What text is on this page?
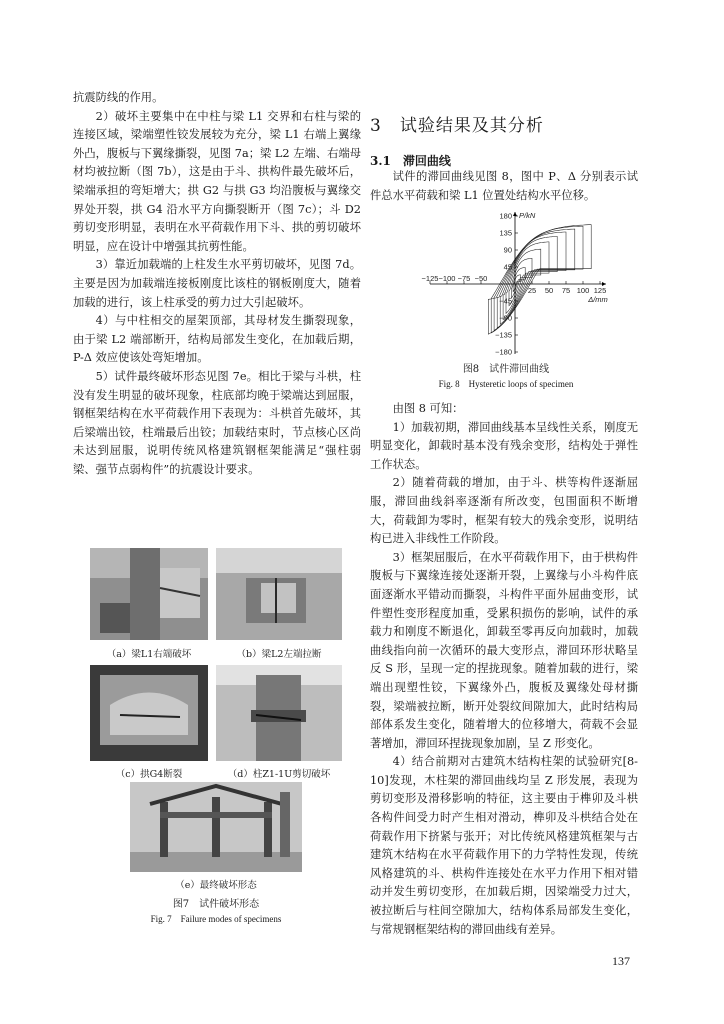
抗震防线的作用。

2）破坏主要集中在中柱与梁 L1 交界和右柱与梁的连接区域，梁端塑性铰发展较为充分，梁 L1 右端上翼缘外凸，腹板与下翼缘撕裂，见图 7a；梁 L2 左端、右端母材均被拉断（图 7b），这是由于斗、拱构件最先破坏后，梁端承担的弯矩增大；拱 G2 与拱 G3 均沿腹板与翼缘交界处开裂，拱 G4 沿水平方向撕裂断开（图 7c）；斗 D2 剪切变形明显，表明在水平荷载作用下斗、拱的剪切破坏明显，应在设计中增强其抗剪性能。

3）靠近加载端的上柱发生水平剪切破坏，见图 7d。主要是因为加载端连接板刚度比该柱的钢板刚度大，随着加载的进行，该上柱承受的剪力过大引起破坏。

4）与中柱相交的屋架顶部，其母材发生撕裂现象，由于梁 L2 端部断开，结构局部发生变化，在加载后期，P-Δ 效应使该处弯矩增加。

5）试件最终破坏形态见图 7e。相比于梁与斗栱，柱没有发生明显的破坏现象，柱底部均晚于梁端达到屈服，钢框架结构在水平荷载作用下表现为：斗栱首先破坏，其后梁端出铰，柱端最后出铰；加载结束时，节点核心区尚未达到屈服，说明传统风格建筑钢框架能满足“强柱弱梁、强节点弱构件”的抗震设计要求。

（a）梁L1右端破坏	（b）梁L2左端拉断
（c）拱G4断裂	（d）柱Z1-1U剪切破坏
（e）最终破坏形态
图7　试件破坏形态
Fig. 7　Failure modes of specimens
3　 试验结果及其分析
3.1　 滞回曲线
试件的滞回曲线见图 8，图中 P、Δ 分别表示试件总水平荷载和梁 L1 位置处结构水平位移。
−125 −100 −75 −50
25 50 75 100 125
180
135
90
45
−45
−90
−135
−180
P/kN
Δ/mm
图8　试件滞回曲线
Fig. 8　Hysteretic loops of specimen

由图 8 可知：

1）加载初期，滞回曲线基本呈线性关系，刚度无明显变化，卸载时基本没有残余变形，结构处于弹性工作状态。

2）随着荷载的增加，由于斗、栱等构件逐渐屈服，滞回曲线斜率逐渐有所改变，包围面积不断增大，荷载卸为零时，框架有较大的残余变形，说明结构已进入非线性工作阶段。

3）框架屈服后，在水平荷载作用下，由于栱构件腹板与下翼缘连接处逐渐开裂，上翼缘与小斗构件底面逐渐水平错动而撕裂，斗构件平面外屈曲变形，试件塑性变形程度加重，受累积损伤的影响，试件的承载力和刚度不断退化，卸载至零再反向加载时，加载曲线指向前一次循环的最大变形点，滞回环形状略呈反 S 形，呈现一定的捏拢现象。随着加载的进行，梁端出现塑性铰，下翼缘外凸，腹板及翼缘处母材撕裂，梁端被拉断，断开处裂纹间隙加大，此时结构局部体系发生变化，随着增大的位移增大，荷载不会显著增加，滞回环捏拢现象加剧，呈 Z 形变化。

4）结合前期对古建筑木结构柱架的试验研究[8-10]发现，木柱架的滞回曲线均呈 Z 形发展，表现为剪切变形及滑移影响的特征，这主要由于榫卯及斗栱各构件间受力时产生相对滑动，榫卯及斗栱结合处在荷载作用下挤紧与张开；对比传统风格建筑框架与古建筑木结构在水平荷载作用下的力学特性发现，传统风格建筑的斗、栱构件连接处在水平力作用下相对错动并发生剪切变形，在加载后期，因梁端受力过大，被拉断后与柱间空隙加大，结构体系局部发生变化，与常规钢框架结构的滞回曲线有差异。

137
